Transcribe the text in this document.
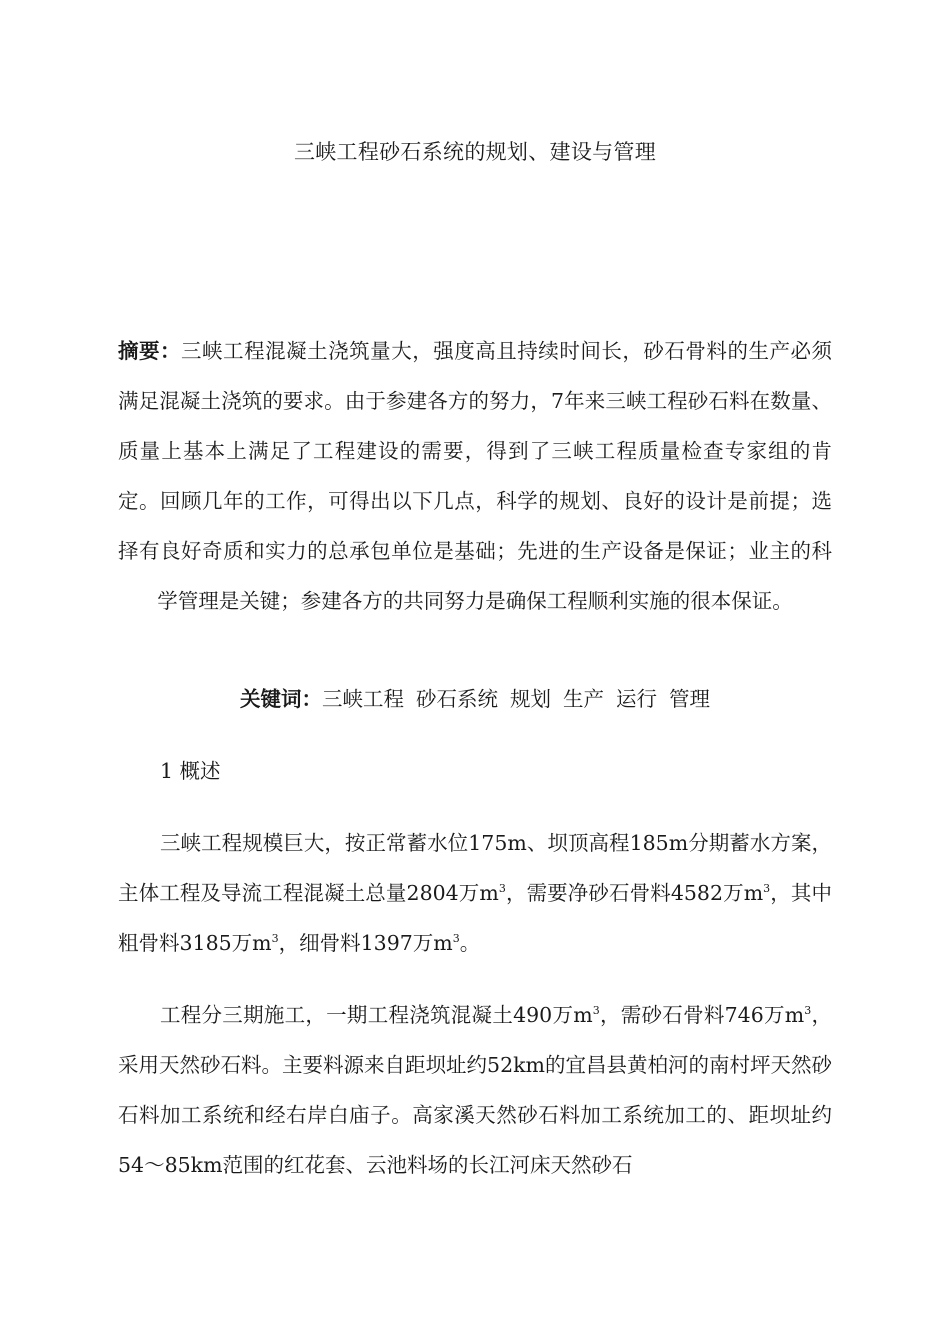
三峡工程砂石系统的规划、建设与管理
摘要：三峡工程混凝土浇筑量大，强度高且持续时间长，砂石骨料的生产必须满足混凝土浇筑的要求。由于参建各方的努力，7年来三峡工程砂石料在数量、质量上基本上满足了工程建设的需要，得到了三峡工程质量检查专家组的肯定。回顾几年的工作，可得出以下几点，科学的规划、良好的设计是前提；选择有良好奇质和实力的总承包单位是基础；先进的生产设备是保证；业主的科学管理是关键；参建各方的共同努力是确保工程顺利实施的很本保证。
关键词：三峡工程 砂石系统 规划 生产 运行 管理
1 概述
三峡工程规模巨大，按正常蓄水位175m、坝顶高程185m分期蓄水方案，主体工程及导流工程混凝土总量2804万$m^3$，需要净砂石骨料4582万$m^3$，其中粗骨料3185万$m^3$，细骨料1397万$m^3$。
工程分三期施工，一期工程浇筑混凝土490万$m^3$，需砂石骨料746万$m^3$，采用天然砂石料。主要料源来自距坝址约52km的宜昌县黄柏河的南村坪天然砂石料加工系统和经右岸白庙子。高家溪天然砂石料加工系统加工的、距坝址约54～85km范围的红花套、云池料场的长江河床天然砂石
